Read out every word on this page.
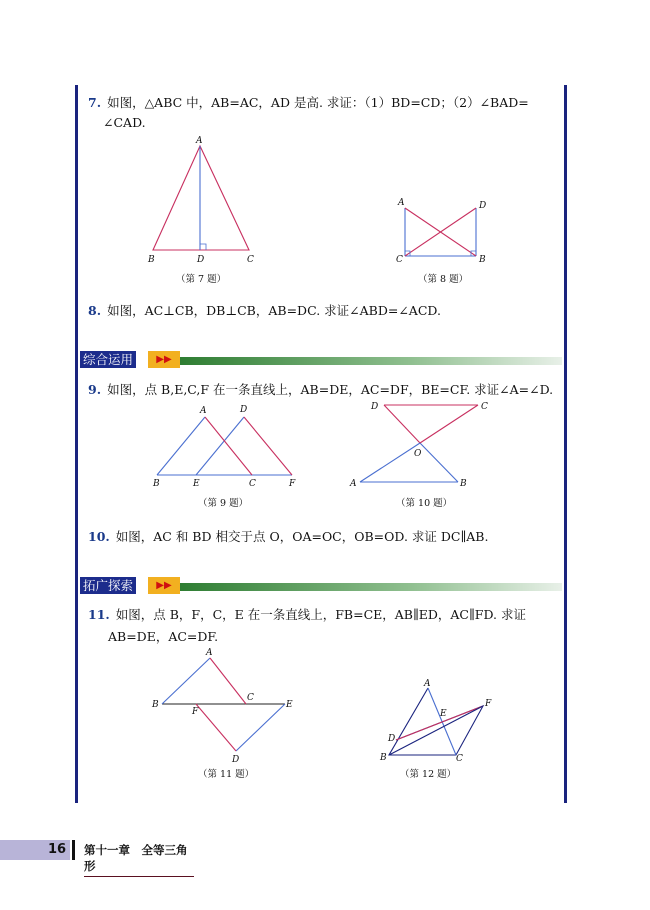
7. 如图，△ABC 中，AB=AC，AD 是高. 求证：（1）BD=CD；（2）∠BAD=
∠CAD.
8. 如图，AC⊥CB，DB⊥CB，AB=DC. 求证∠ABD=∠ACD.
综合运用	▶▶
9. 如图，点 B,E,C,F 在一条直线上，AB=DE，AC=DF，BE=CF. 求证∠A=∠D.
10. 如图，AC 和 BD 相交于点 O，OA=OC，OB=OD. 求证 DC∥AB.
拓广探索	▶▶
11. 如图，点 B，F，C，E 在一条直线上，FB=CE，AB∥ED，AC∥FD. 求证
AB=DE，AC=DF.
A
B	D	C
（第 7 题）
A	D
C	B
（第 8 题）
A	D
B	E	C	F
（第 9 题）
D	C
O
A	B
（第 10 题）
A
B
F
C
E
D
（第 11 题）
A
F
E
D
B	C
（第 12 题）
16 第十一章　全等三角形
